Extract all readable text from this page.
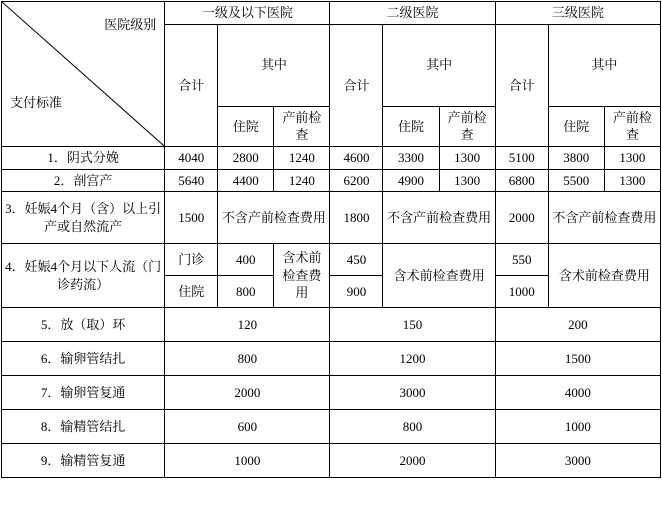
医院级别
支付标准	一级及以下医院			二级医院			三级医院		
	合计	其中		合计	其中		合计	其中	
		住院	产前检查		住院	产前检查		住院	产前检查
1．阴式分娩	4040	2800	1240	4600	3300	1300	5100	3800	1300
2．剖宫产	5640	4400	1240	6200	4900	1300	6800	5500	1300
3．妊娠4个月（含）以上引产或自然流产	1500	不含产前检查费用		1800	不含产前检查费用		2000	不含产前检查费用	
4．妊娠4个月以下人流（门诊药流）	门诊	400	含术前检查费用	450	含术前检查费用		550	含术前检查费用	
	住院	800		900			1000		
5．放（取）环	120			150			200		
6．输卵管结扎	800			1200			1500		
7．输卵管复通	2000			3000			4000		
8．输精管结扎	600			800			1000		
9．输精管复通	1000			2000			3000		
